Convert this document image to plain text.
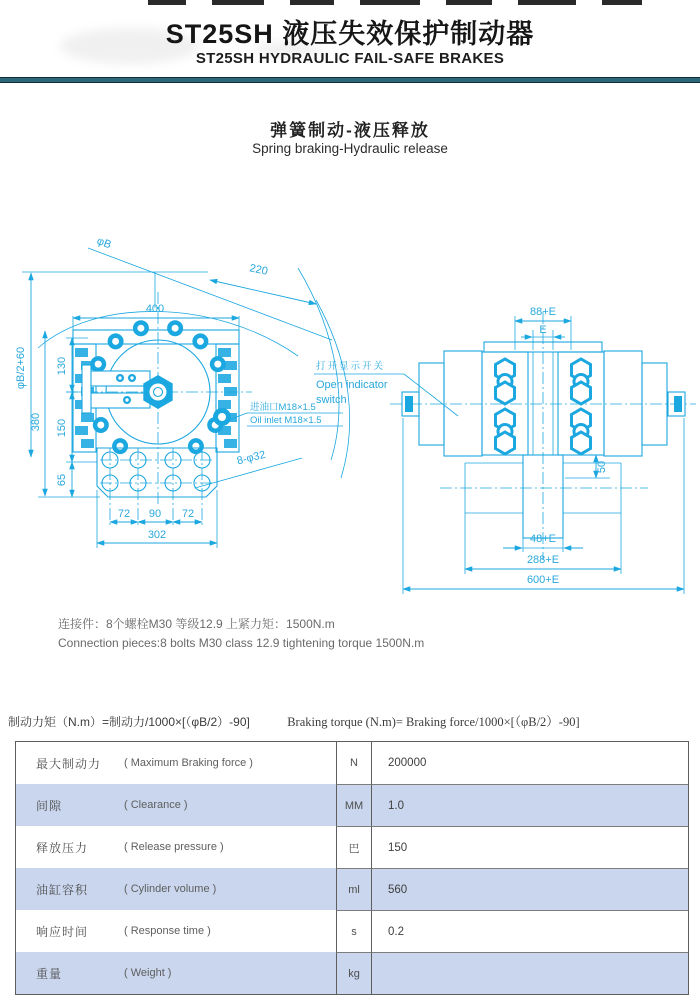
ST25SH 液压失效保护制动器
ST25SH HYDRAULIC FAIL-SAFE BRAKES
弹簧制动-液压释放
Spring braking-Hydraulic release
φB
220
φB/2+60
380
130
150
65
400
进油口M18×1.5
Oil inlet M18×1.5
8-φ32
72 90 72
302
88+E
E
50
48+E
288+E
600+E
打开显示开关
Open indicator
switch
连接件：8个螺栓M30 等级12.9 上紧力矩：1500N.m
Connection pieces:8 bolts M30 class 12.9 tightening torque 1500N.m
制动力矩（N.m）=制动力/1000×[（φB/2）-90]	Braking torque (N.m)= Braking force/1000×[（φB/2）-90]
最大制动力	( Maximum Braking force )	N	200000
间隙	( Clearance )	MM	1.0
释放压力	( Release pressure )	巴	150
油缸容积	( Cylinder volume )	ml	560
响应时间	( Response time )	s	0.2
重量	( Weight )	kg
